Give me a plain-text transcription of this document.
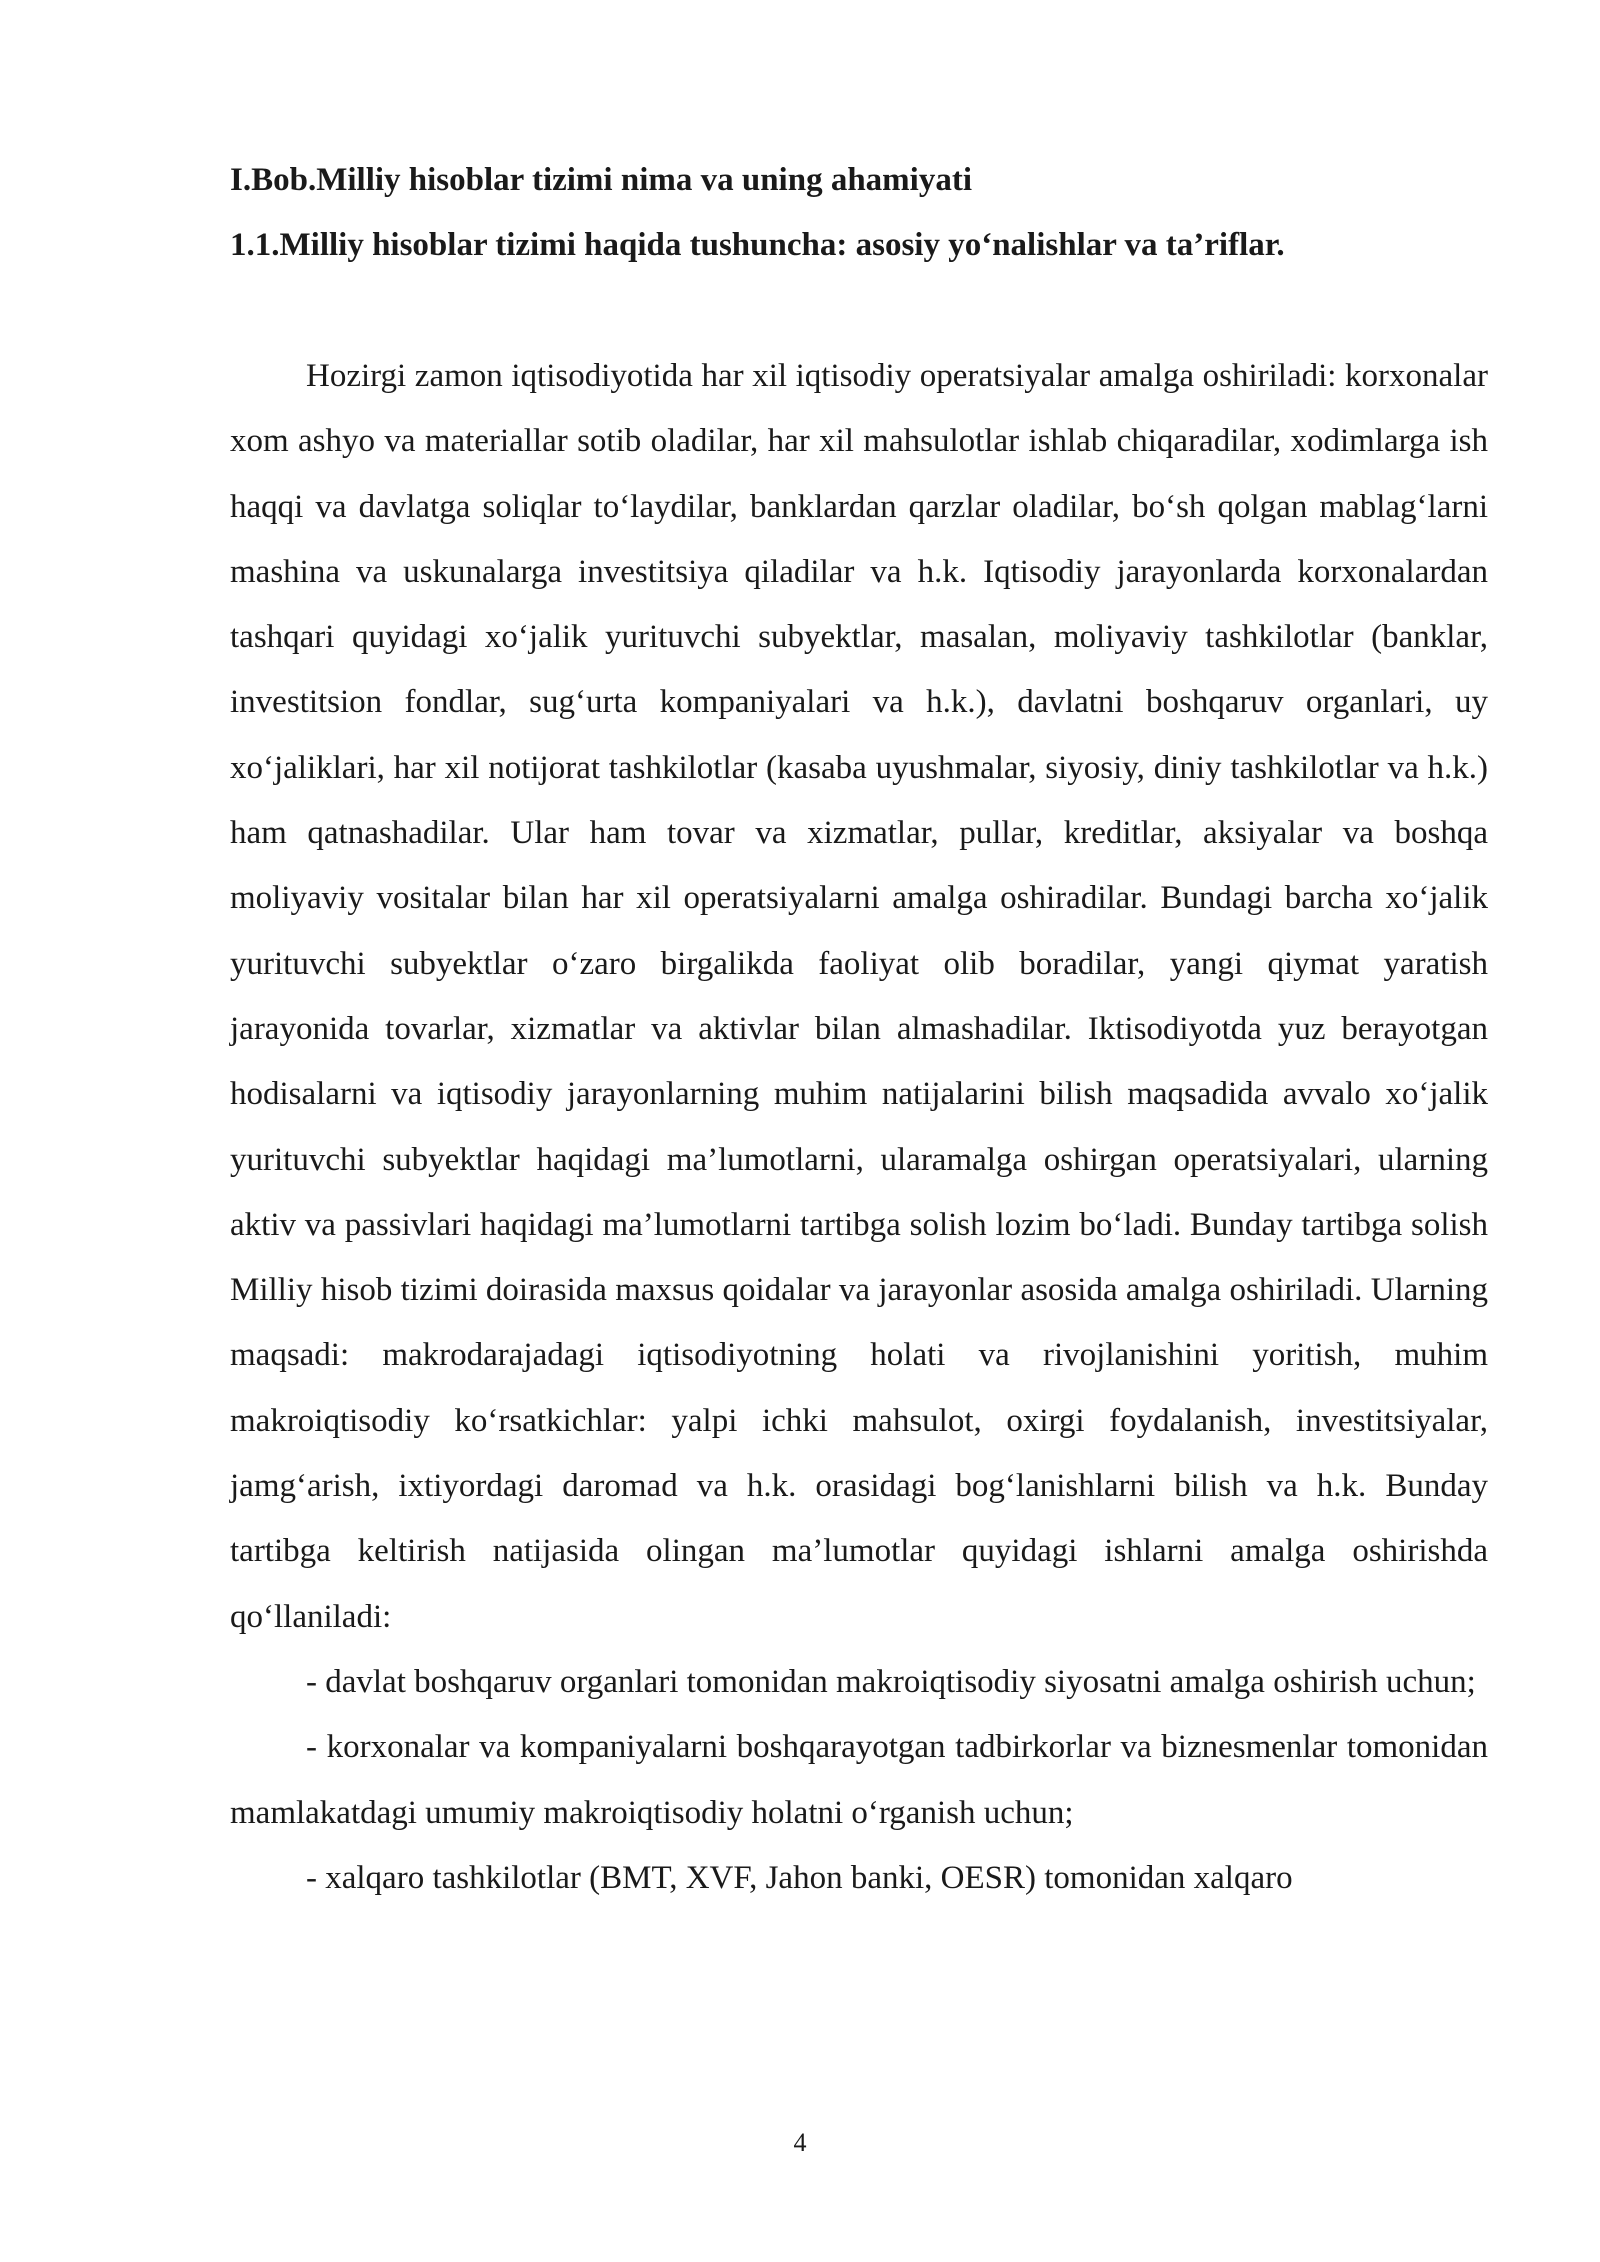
I.Bob.Milliy hisoblar tizimi nima va uning ahamiyati
1.1.Milliy hisoblar tizimi haqida tushuncha: asosiy yo‘nalishlar va ta’riflar.

Hozirgi zamon iqtisodiyotida har xil iqtisodiy operatsiyalar amalga oshiriladi: korxonalar xom ashyo va materiallar sotib oladilar, har xil mahsulotlar ishlab chiqaradilar, xodimlarga ish haqqi va davlatga soliqlar to‘laydilar, banklardan qarzlar oladilar, bo‘sh qolgan mablag‘larni mashina va uskunalarga investitsiya qiladilar va h.k. Iqtisodiy jarayonlarda korxonalardan tashqari quyidagi xo‘jalik yurituvchi subyektlar, masalan, moliyaviy tashkilotlar (banklar, investitsion fondlar, sug‘urta kompaniyalari va h.k.), davlatni boshqaruv organlari, uy xo‘jaliklari, har xil notijorat tashkilotlar (kasaba uyushmalar, siyosiy, diniy tashkilotlar va h.k.) ham qatnashadilar. Ular ham tovar va xizmatlar, pullar, kreditlar, aksiyalar va boshqa moliyaviy vositalar bilan har xil operatsiyalarni amalga oshiradilar. Bundagi barcha xo‘jalik yurituvchi subyektlar o‘zaro birgalikda faoliyat olib boradilar, yangi qiymat yaratish jarayonida tovarlar, xizmatlar va aktivlar bilan almashadilar. Iktisodiyotda yuz berayotgan hodisalarni va iqtisodiy jarayonlarning muhim natijalarini bilish maqsadida avvalo xo‘jalik yurituvchi subyektlar haqidagi ma’lumotlarni, ularamalga oshirgan operatsiyalari, ularning aktiv va passivlari haqidagi ma’lumotlarni tartibga solish lozim bo‘ladi. Bunday tartibga solish Milliy hisob tizimi doirasida maxsus qoidalar va jarayonlar asosida amalga oshiriladi. Ularning maqsadi: makrodarajadagi iqtisodiyotning holati va rivojlanishini yoritish, muhim makroiqtisodiy ko‘rsatkichlar: yalpi ichki mahsulot, oxirgi foydalanish, investitsiyalar, jamg‘arish, ixtiyordagi daromad va h.k. orasidagi bog‘lanishlarni bilish va h.k. Bunday tartibga keltirish natijasida olingan ma’lumotlar quyidagi ishlarni amalga oshirishda qo‘llaniladi:

- davlat boshqaruv organlari tomonidan makroiqtisodiy siyosatni amalga oshirish uchun;

- korxonalar va kompaniyalarni boshqarayotgan tadbirkorlar va biznesmenlar tomonidan mamlakatdagi umumiy makroiqtisodiy holatni o‘rganish uchun;

- xalqaro tashkilotlar (BMT, XVF, Jahon banki, OESR) tomonidan xalqaro

4
